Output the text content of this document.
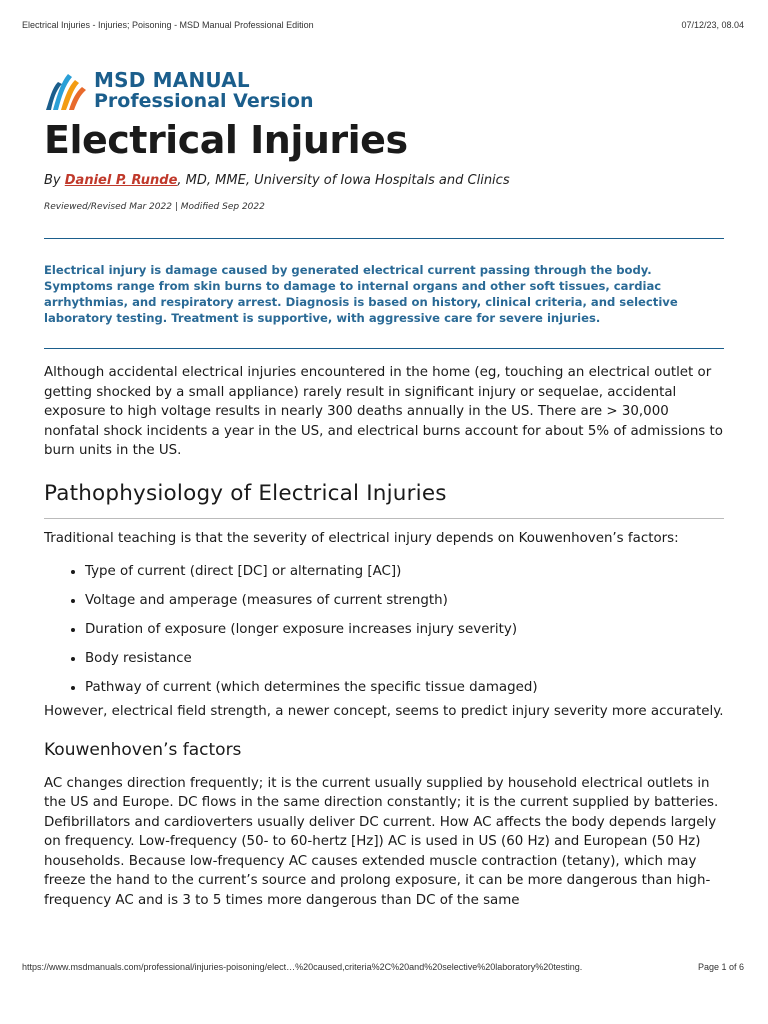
Electrical Injuries - Injuries; Poisoning - MSD Manual Professional Edition	07/12/23, 08.04
MSD MANUAL
Professional Version
Electrical Injuries
By Daniel P. Runde, MD, MME, University of Iowa Hospitals and Clinics
Reviewed/Revised Mar 2022 | Modified Sep 2022

Electrical injury is damage caused by generated electrical current passing through the body. Symptoms range from skin burns to damage to internal organs and other soft tissues, cardiac arrhythmias, and respiratory arrest. Diagnosis is based on history, clinical criteria, and selective laboratory testing. Treatment is supportive, with aggressive care for severe injuries.

Although accidental electrical injuries encountered in the home (eg, touching an electrical outlet or getting shocked by a small appliance) rarely result in significant injury or sequelae, accidental exposure to high voltage results in nearly 300 deaths annually in the US. There are > 30,000 nonfatal shock incidents a year in the US, and electrical burns account for about 5% of admissions to burn units in the US.

Pathophysiology of Electrical Injuries

Traditional teaching is that the severity of electrical injury depends on Kouwenhoven’s factors:

• Type of current (direct [DC] or alternating [AC])
• Voltage and amperage (measures of current strength)
• Duration of exposure (longer exposure increases injury severity)
• Body resistance
• Pathway of current (which determines the specific tissue damaged)

However, electrical field strength, a newer concept, seems to predict injury severity more accurately.

Kouwenhoven’s factors

AC changes direction frequently; it is the current usually supplied by household electrical outlets in the US and Europe. DC flows in the same direction constantly; it is the current supplied by batteries. Defibrillators and cardioverters usually deliver DC current. How AC affects the body depends largely on frequency. Low-frequency (50- to 60-hertz [Hz]) AC is used in US (60 Hz) and European (50 Hz) households. Because low-frequency AC causes extended muscle contraction (tetany), which may freeze the hand to the current’s source and prolong exposure, it can be more dangerous than high-frequency AC and is 3 to 5 times more dangerous than DC of the same

https://www.msdmanuals.com/professional/injuries-poisoning/elect…%20caused,criteria%2C%20and%20selective%20laboratory%20testing.	Page 1 of 6
